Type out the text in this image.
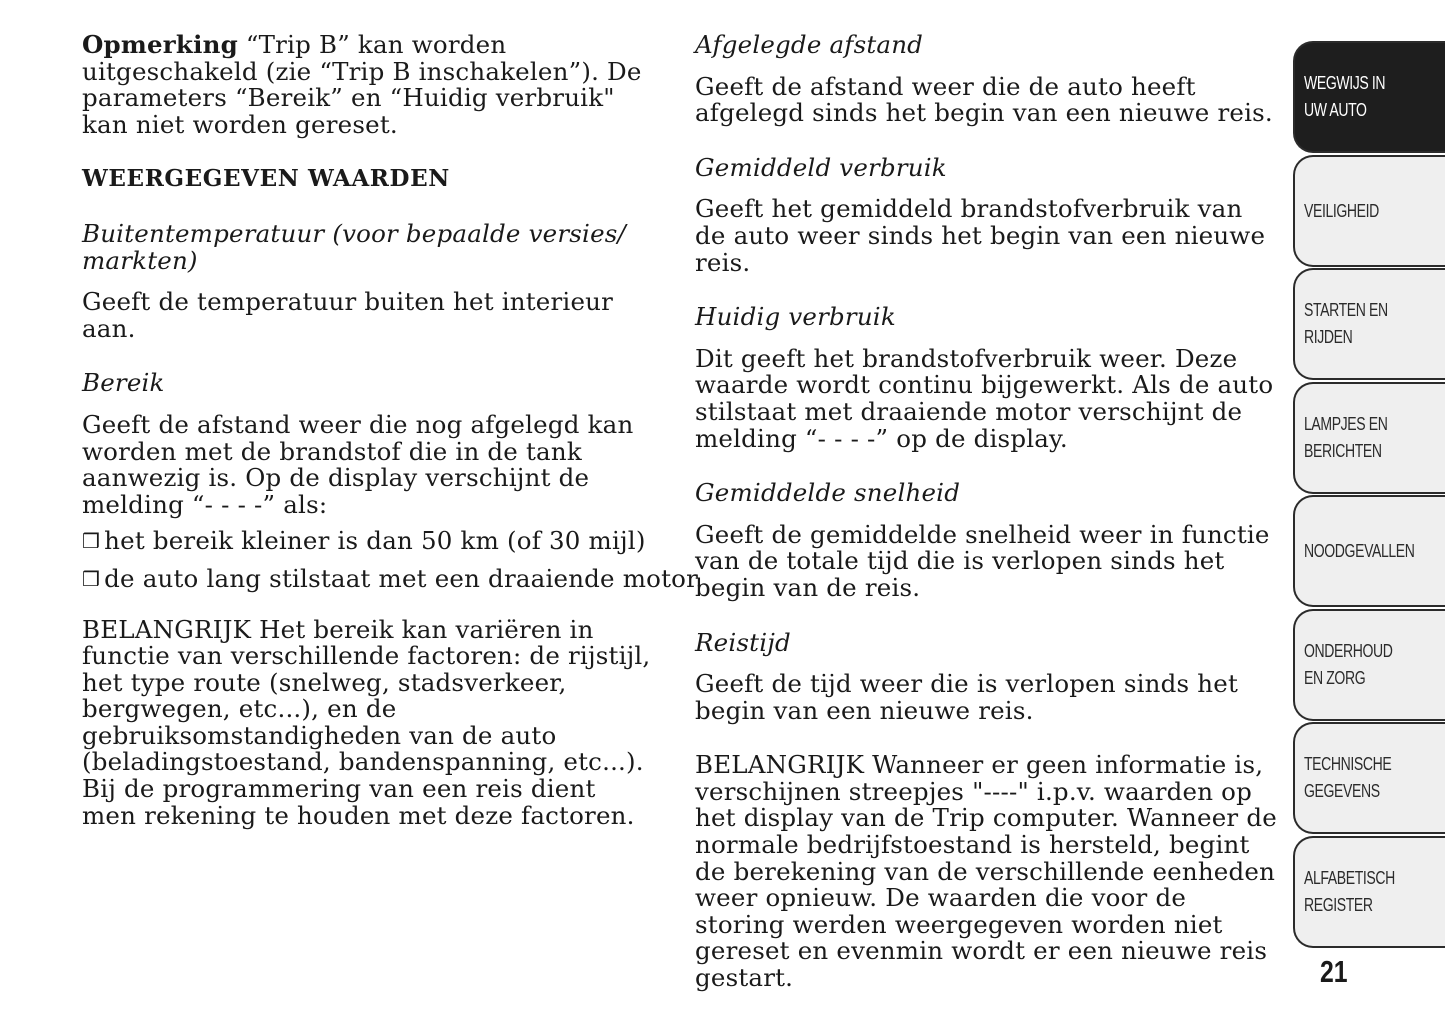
Opmerking “Trip B” kan worden uitgeschakeld (zie “Trip B inschakelen”). De parameters “Bereik” en “Huidig verbruik" kan niet worden gereset.

WEERGEGEVEN WAARDEN

Buitentemperatuur (voor bepaalde versies/ markten)

Geeft de temperatuur buiten het interieur aan.

Bereik

Geeft de afstand weer die nog afgelegd kan worden met de brandstof die in de tank aanwezig is. Op de display verschijnt de melding “- - - -” als:

❒ het bereik kleiner is dan 50 km (of 30 mijl)

❒ de auto lang stilstaat met een draaiende motor.

BELANGRIJK Het bereik kan variëren in functie van verschillende factoren: de rijstijl, het type route (snelweg, stadsverkeer, bergwegen, etc...), en de gebruiksomstandigheden van de auto (beladingstoestand, bandenspanning, etc...). Bij de programmering van een reis dient men rekening te houden met deze factoren.

Afgelegde afstand

Geeft de afstand weer die de auto heeft afgelegd sinds het begin van een nieuwe reis.

Gemiddeld verbruik

Geeft het gemiddeld brandstofverbruik van de auto weer sinds het begin van een nieuwe reis.

Huidig verbruik

Dit geeft het brandstofverbruik weer. Deze waarde wordt continu bijgewerkt. Als de auto stilstaat met draaiende motor verschijnt de melding “- - - -” op de display.

Gemiddelde snelheid

Geeft de gemiddelde snelheid weer in functie van de totale tijd die is verlopen sinds het begin van de reis.

Reistijd

Geeft de tijd weer die is verlopen sinds het begin van een nieuwe reis.

BELANGRIJK Wanneer er geen informatie is, verschijnen streepjes "----" i.p.v. waarden op het display van de Trip computer. Wanneer de normale bedrijfstoestand is hersteld, begint de berekening van de verschillende eenheden weer opnieuw. De waarden die voor de storing werden weergegeven worden niet gereset en evenmin wordt er een nieuwe reis gestart.

WEGWIJS IN UW AUTO
VEILIGHEID
STARTEN EN RIJDEN
LAMPJES EN BERICHTEN
NOODGEVALLEN
ONDERHOUD EN ZORG
TECHNISCHE GEGEVENS
ALFABETISCH REGISTER
21
